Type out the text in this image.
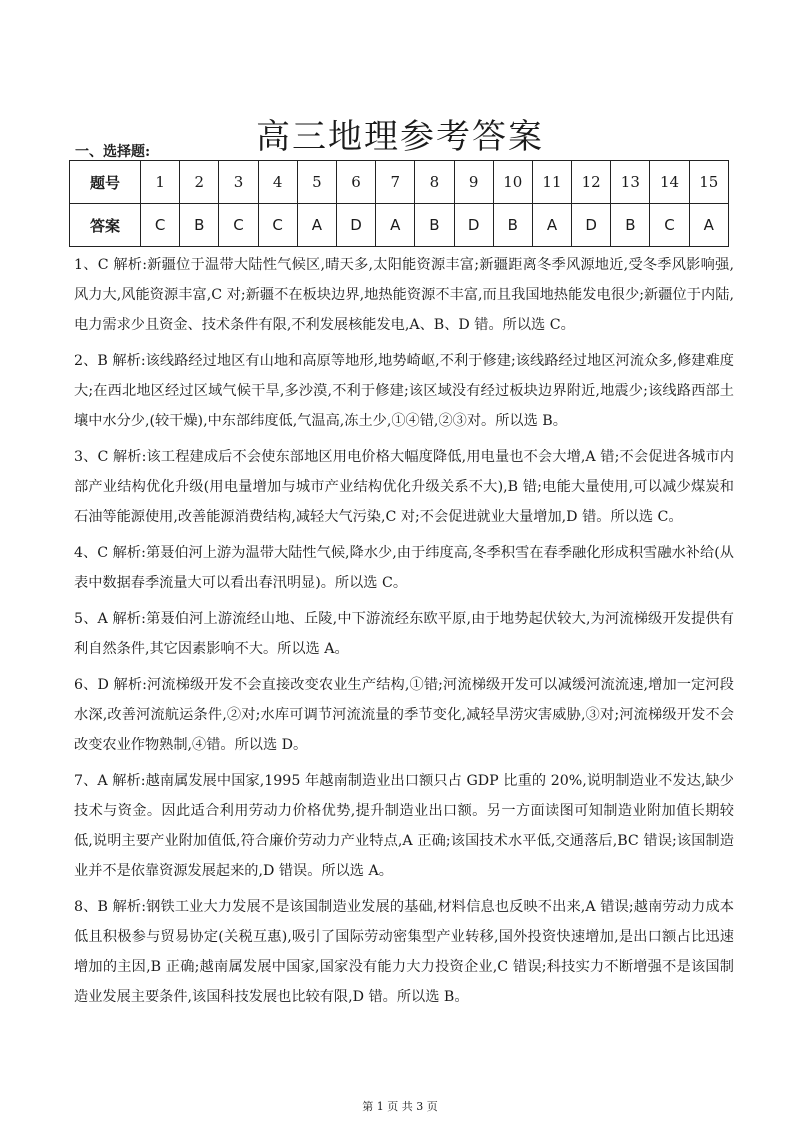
高三地理参考答案
一、选择题:
题号	1	2	3	4	5	6	7	8	9	10	11	12	13	14	15
答案	C	B	C	C	A	D	A	B	D	B	A	D	B	C	A

1、C 解析:新疆位于温带大陆性气候区,晴天多,太阳能资源丰富;新疆距离冬季风源地近,受冬季风影响强,风力大,风能资源丰富,C 对;新疆不在板块边界,地热能资源不丰富,而且我国地热能发电很少;新疆位于内陆,电力需求少且资金、技术条件有限,不利发展核能发电,A、B、D 错。所以选 C。

2、B 解析:该线路经过地区有山地和高原等地形,地势崎岖,不利于修建;该线路经过地区河流众多,修建难度大;在西北地区经过区域气候干旱,多沙漠,不利于修建;该区域没有经过板块边界附近,地震少;该线路西部土壤中水分少,(较干燥),中东部纬度低,气温高,冻土少,①④错,②③对。所以选 B。

3、C 解析:该工程建成后不会使东部地区用电价格大幅度降低,用电量也不会大增,A 错;不会促进各城市内部产业结构优化升级(用电量增加与城市产业结构优化升级关系不大),B 错;电能大量使用,可以减少煤炭和石油等能源使用,改善能源消费结构,减轻大气污染,C 对;不会促进就业大量增加,D 错。所以选 C。

4、C 解析:第聂伯河上游为温带大陆性气候,降水少,由于纬度高,冬季积雪在春季融化形成积雪融水补给(从表中数据春季流量大可以看出春汛明显)。所以选 C。

5、A 解析:第聂伯河上游流经山地、丘陵,中下游流经东欧平原,由于地势起伏较大,为河流梯级开发提供有利自然条件,其它因素影响不大。所以选 A。

6、D 解析:河流梯级开发不会直接改变农业生产结构,①错;河流梯级开发可以减缓河流流速,增加一定河段水深,改善河流航运条件,②对;水库可调节河流流量的季节变化,减轻旱涝灾害威胁,③对;河流梯级开发不会改变农业作物熟制,④错。所以选 D。

7、A 解析:越南属发展中国家,1995 年越南制造业出口额只占 GDP 比重的 20%,说明制造业不发达,缺少技术与资金。因此适合利用劳动力价格优势,提升制造业出口额。另一方面读图可知制造业附加值长期较低,说明主要产业附加值低,符合廉价劳动力产业特点,A 正确;该国技术水平低,交通落后,BC 错误;该国制造业并不是依靠资源发展起来的,D 错误。所以选 A。

8、B 解析:钢铁工业大力发展不是该国制造业发展的基础,材料信息也反映不出来,A 错误;越南劳动力成本低且积极参与贸易协定(关税互惠),吸引了国际劳动密集型产业转移,国外投资快速增加,是出口额占比迅速增加的主因,B 正确;越南属发展中国家,国家没有能力大力投资企业,C 错误;科技实力不断增强不是该国制造业发展主要条件,该国科技发展也比较有限,D 错。所以选 B。

第 1 页 共 3 页
